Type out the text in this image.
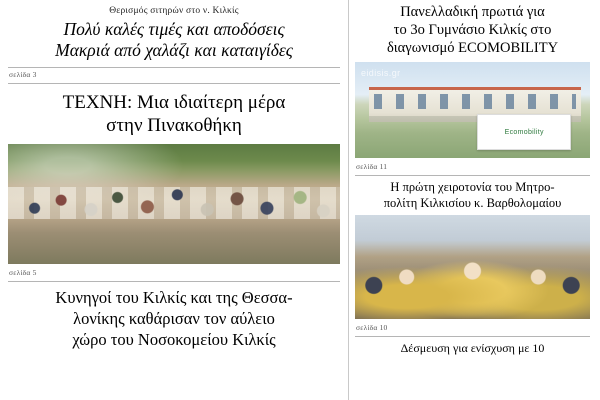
Θερισμός σιτηρών στο ν. Κιλκίς
Πολύ καλές τιμές και αποδόσεις
Μακριά από χαλάζι και καταιγίδες
σελίδα 3
ΤΕΧΝΗ: Μια ιδιαίτερη μέρα
στην Πινακοθήκη
σελίδα 5
Κυνηγοί του Κιλκίς και της Θεσσα-
λονίκης καθάρισαν τον αύλειο
χώρο του Νοσοκομείου Κιλκίς
Πανελλαδική πρωτιά για
το 3ο Γυμνάσιο Κιλκίς στο
διαγωνισμό ECOMOBILITY
eidisis.gr
Ecomobility
σελίδα 11
Η πρώτη χειροτονία του Μητρο-
πολίτη Κιλκισίου κ. Βαρθολομαίου
σελίδα 10
Δέσμευση για ενίσχυση με 10
